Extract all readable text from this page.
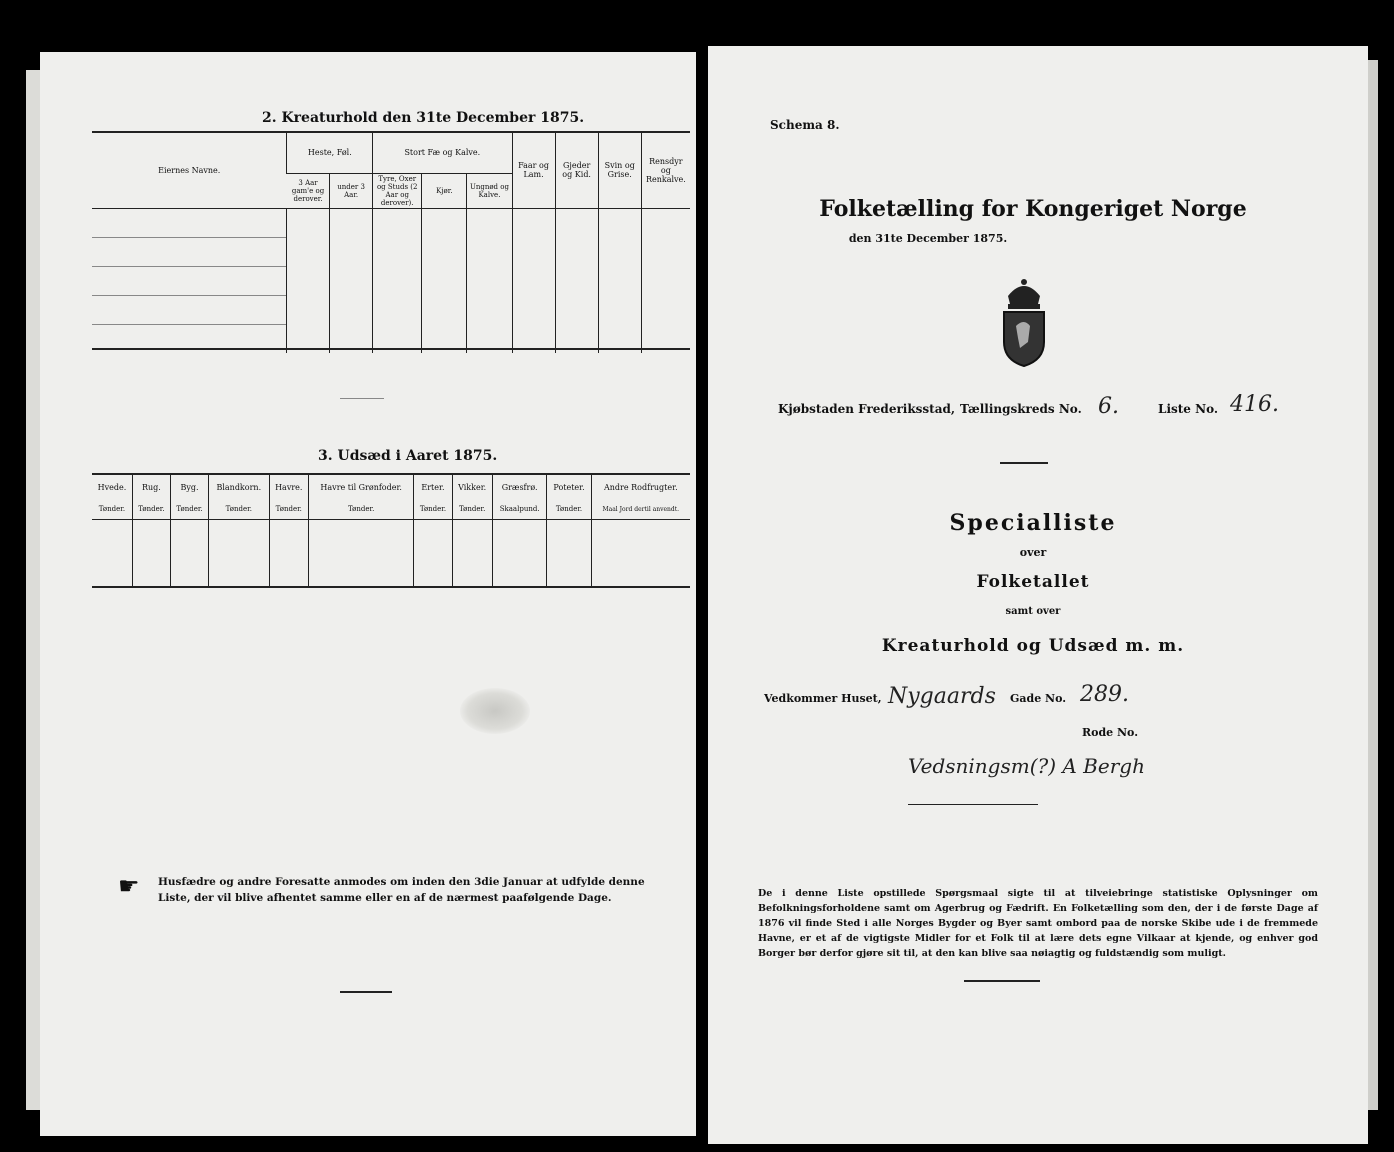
2. Kreaturhold den 31te December 1875.
Eiernes Navne.	Heste, Føl.		Stort Fæ og Kalve.			Faar og Lam.	Gjeder og Kid.	Svin og Grise.	Rensdyr og Renkalve.
	3 Aar gam'e og derover.	under 3 Aar.	Tyre, Oxer og Studs (2 Aar og derover).	Kjør.	Ungnød og Kalve.				

3. Udsæd i Aaret 1875.
Hvede.	Rug.	Byg.	Blandkorn.	Havre.	Havre til Grønfoder.	Erter.	Vikker.	Græsfrø.	Poteter.	Andre Rodfrugter.
Tønder.	Tønder.	Tønder.	Tønder.	Tønder.	Tønder.	Tønder.	Tønder.	Skaalpund.	Tønder.	Maal Jord dertil anvendt.

☛ Husfædre og andre Foresatte anmodes om inden den 3die Januar at udfylde denne Liste, der vil blive afhentet samme eller en af de nærmest paafølgende Dage.
Schema 8.
Folketælling for Kongeriget Norge
den 31te December 1875.
Kjøbstaden Frederiksstad, Tællingskreds No. 6.	Liste No. 416.
Specialliste
over
Folketallet
samt over
Kreaturhold og Udsæd m. m.
Vedkommer Huset, Nygaards Gade No. 289.
Rode No.
Vedsningsm(?) A Bergh
De i denne Liste opstillede Spørgsmaal sigte til at tilveiebringe statistiske Oplysninger om Befolkningsforholdene samt om Agerbrug og Fædrift. En Folketælling som den, der i de første Dage af 1876 vil finde Sted i alle Norges Bygder og Byer samt ombord paa de norske Skibe ude i de fremmede Havne, er et af de vigtigste Midler for et Folk til at lære dets egne Vilkaar at kjende, og enhver god Borger bør derfor gjøre sit til, at den kan blive saa nøiagtig og fuldstændig som muligt.
